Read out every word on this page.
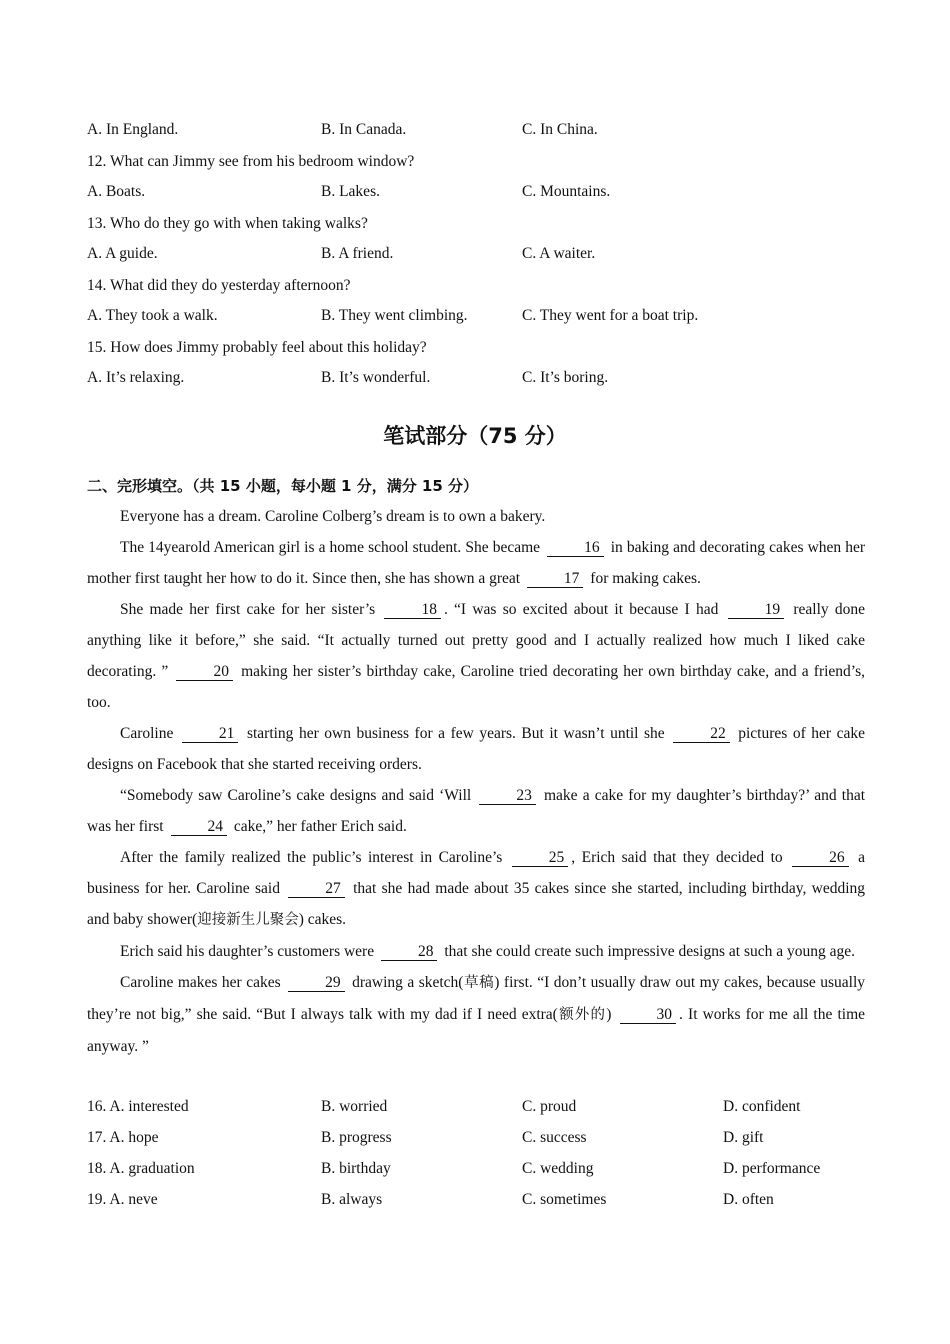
A. In England.	B. In Canada.	C. In China.
12. What can Jimmy see from his bedroom window?
A. Boats.	B. Lakes.	C. Mountains.
13. Who do they go with when taking walks?
A. A guide.	B. A friend.	C. A waiter.
14. What did they do yesterday afternoon?
A. They took a walk.	B. They went climbing.	C. They went for a boat trip.
15. How does Jimmy probably feel about this holiday?
A. It’s relaxing.	B. It’s wonderful.	C. It’s boring.
笔试部分（75 分）
二、完形填空。（共 15 小题，每小题 1 分，满分 15 分）
Everyone has a dream. Caroline Colberg’s dream is to own a bakery.
The 14yearold American girl is a home school student. She became	16 in baking and decorating cakes when her mother first taught her how to do it. Since then, she has shown a great	17 for making cakes.
She made her first cake for her sister’s	18 . “I was so excited about it because I had	19 really done anything like it before,” she said. “It actually turned out pretty good and I actually realized how much I liked cake decorating. ”	20 making her sister’s birthday cake, Caroline tried decorating her own birthday cake, and a friend’s, too.
Caroline	21 starting her own business for a few years. But it wasn’t until she	22 pictures of her cake designs on Facebook that she started receiving orders.
“Somebody saw Caroline’s cake designs and said ‘Will	23 make a cake for my daughter’s birthday?’ and that was her first	24 cake,” her father Erich said.
After the family realized the public’s interest in Caroline’s	25 , Erich said that they decided to	26 a business for her. Caroline said	27 that she had made about 35 cakes since she started, including birthday, wedding and baby shower(迎接新生儿聚会) cakes.
Erich said his daughter’s customers were	28 that she could create such impressive designs at such a young age.
Caroline makes her cakes	29 drawing a sketch(草稿) first. “I don’t usually draw out my cakes, because usually they’re not big,” she said. “But I always talk with my dad if I need extra(额外的)	30 . It works for me all the time anyway. ”
16. A. interested	B. worried	C. proud	D. confident
17. A. hope	B. progress	C. success	D. gift
18. A. graduation	B. birthday	C. wedding	D. performance
19. A. neve	B. always	C. sometimes	D. often
